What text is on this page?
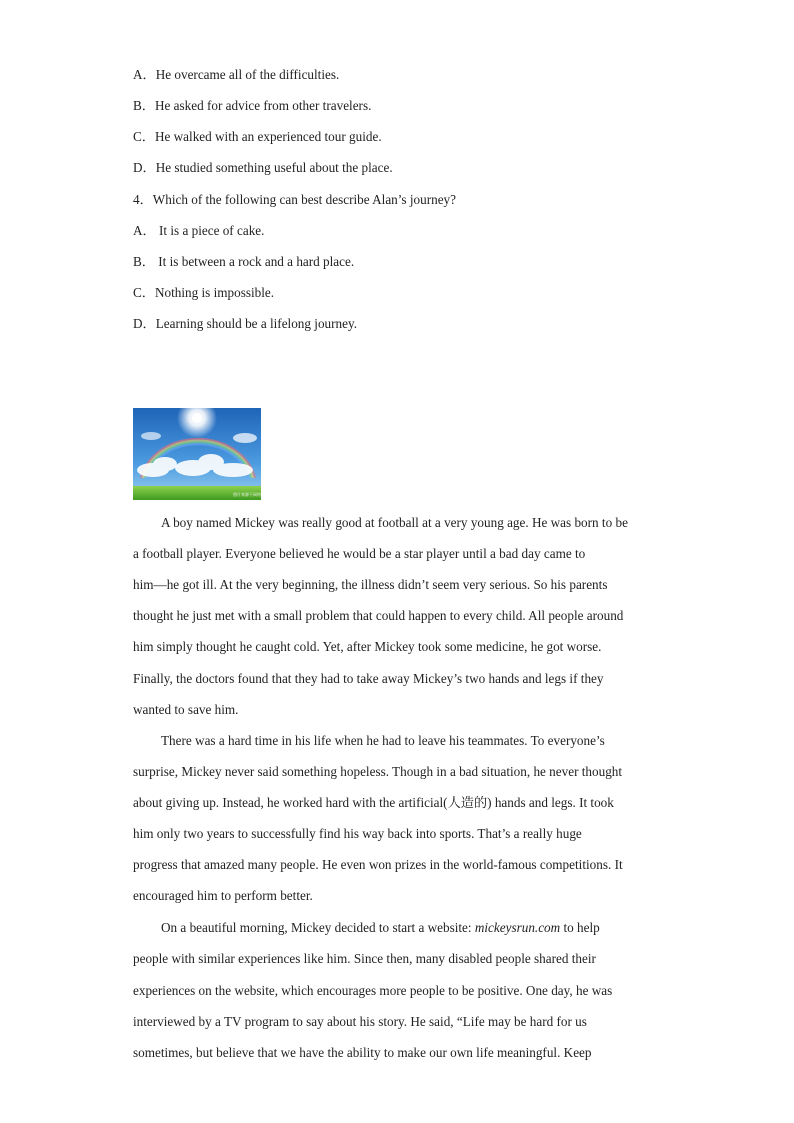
A．He overcame all of the difficulties.
B．He asked for advice from other travelers.
C．He walked with an experienced tour guide.
D．He studied something useful about the place.
4．Which of the following can best describe Alan’s journey?
A． It is a piece of cake.
B． It is between a rock and a hard place.
C．Nothing is impossible.
D．Learning should be a lifelong journey.
图片来源于网络
A boy named Mickey was really good at football at a very young age. He was born to be
a football player. Everyone believed he would be a star player until a bad day came to
him—he got ill. At the very beginning, the illness didn’t seem very serious. So his parents
thought he just met with a small problem that could happen to every child. All people around
him simply thought he caught cold. Yet, after Mickey took some medicine, he got worse.
Finally, the doctors found that they had to take away Mickey’s two hands and legs if they
wanted to save him.
There was a hard time in his life when he had to leave his teammates. To everyone’s
surprise, Mickey never said something hopeless. Though in a bad situation, he never thought
about giving up. Instead, he worked hard with the artificial(人造的) hands and legs. It took
him only two years to successfully find his way back into sports. That’s a really huge
progress that amazed many people. He even won prizes in the world-famous competitions. It
encouraged him to perform better.
On a beautiful morning, Mickey decided to start a website: mickeysrun.com to help
people with similar experiences like him. Since then, many disabled people shared their
experiences on the website, which encourages more people to be positive. One day, he was
interviewed by a TV program to say about his story. He said, “Life may be hard for us
sometimes, but believe that we have the ability to make our own life meaningful. Keep
